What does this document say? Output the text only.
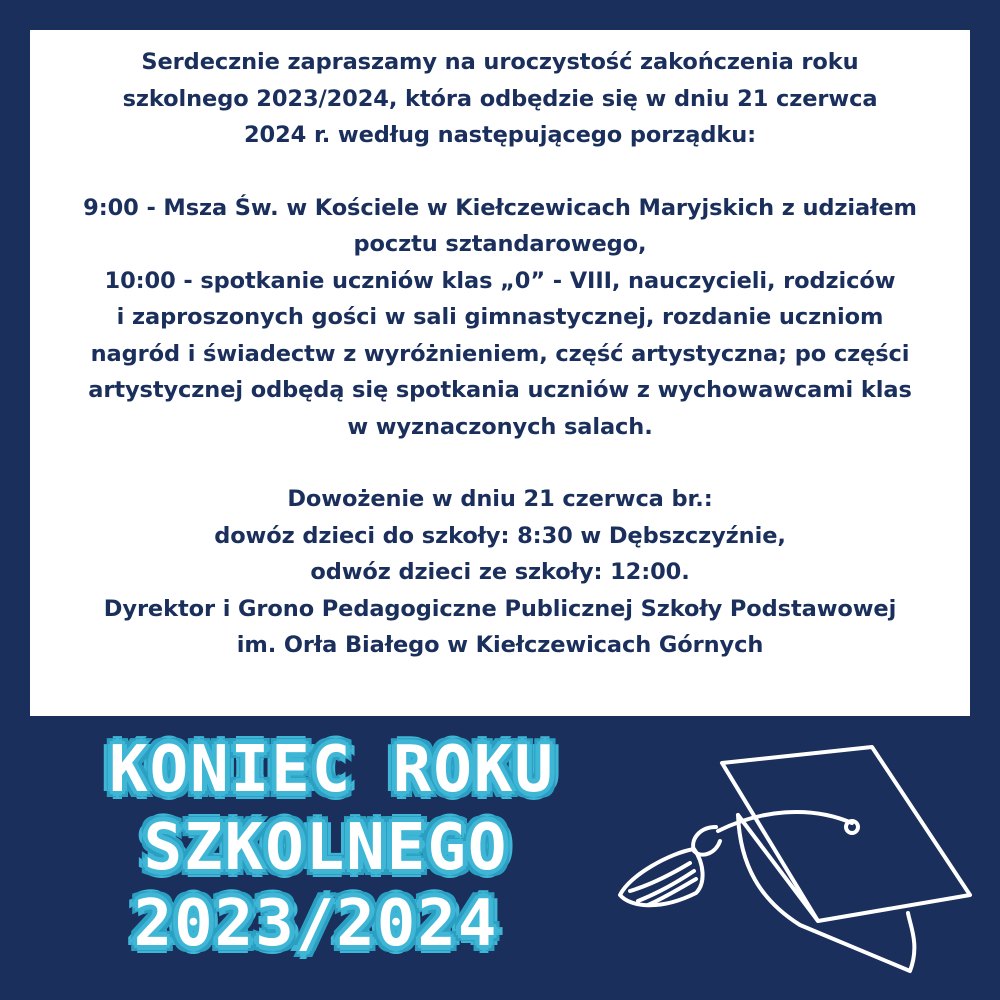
Serdecznie zapraszamy na uroczystość zakończenia roku
szkolnego 2023/2024, która odbędzie się w dniu 21 czerwca
2024 r. według następującego porządku:

9:00 - Msza Św. w Kościele w Kiełczewicach Maryjskich z udziałem
pocztu sztandarowego,
10:00 - spotkanie uczniów klas „0” - VIII, nauczycieli, rodziców
i zaproszonych gości w sali gimnastycznej, rozdanie uczniom
nagród i świadectw z wyróżnieniem, część artystyczna; po części
artystycznej odbędą się spotkania uczniów z wychowawcami klas
w wyznaczonych salach.

Dowożenie w dniu 21 czerwca br.:
dowóz dzieci do szkoły: 8:30 w Dębszczyźnie,
odwóz dzieci ze szkoły: 12:00.
Dyrektor i Grono Pedagogiczne Publicznej Szkoły Podstawowej
im. Orła Białego w Kiełczewicach Górnych

KONIEC ROKU
SZKOLNEGO
2023/2024
